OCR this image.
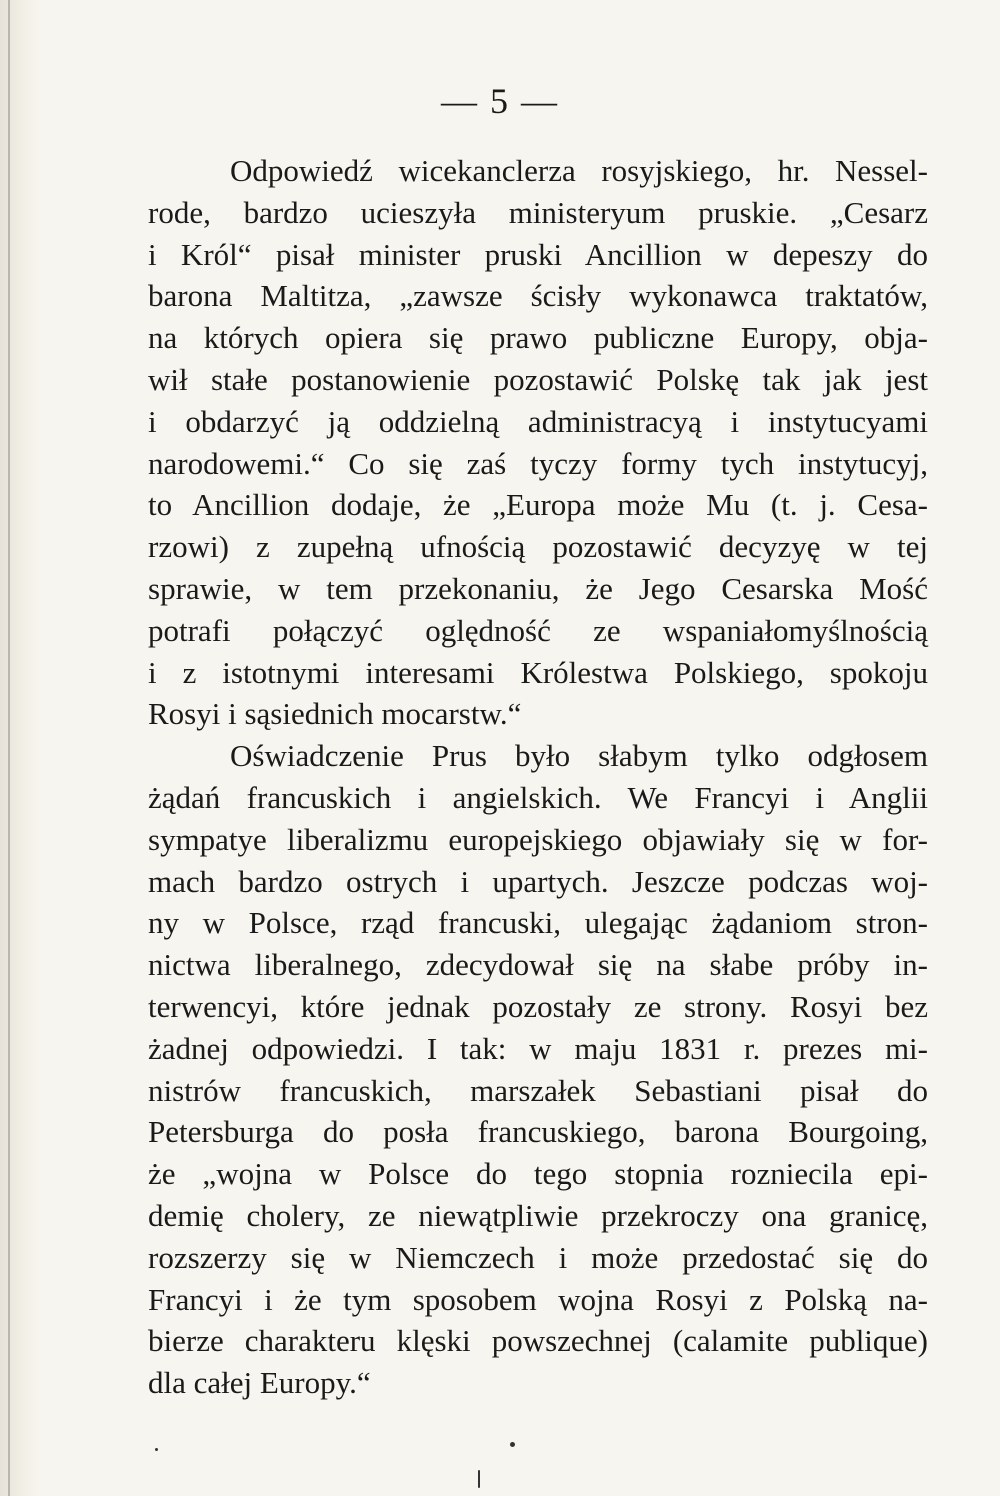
— 5 —
Odpowiedź wicekanclerza rosyjskiego, hr. Nessel-
rode, bardzo ucieszyła ministeryum pruskie. „Cesarz
i Król“ pisał minister pruski Ancillion w depeszy do
barona Maltitza, „zawsze ścisły wykonawca traktatów,
na których opiera się prawo publiczne Europy, obja-
wił stałe postanowienie pozostawić Polskę tak jak jest
i obdarzyć ją oddzielną administracyą i instytucyami
narodowemi.“ Co się zaś tyczy formy tych instytucyj,
to Ancillion dodaje, że „Europa może Mu (t. j. Cesa-
rzowi) z zupełną ufnością pozostawić decyzyę w tej
sprawie, w tem przekonaniu, że Jego Cesarska Mość
potrafi połączyć oględność ze wspaniałomyślnością
i z istotnymi interesami Królestwa Polskiego, spokoju
Rosyi i sąsiednich mocarstw.“
Oświadczenie Prus było słabym tylko odgłosem
żądań francuskich i angielskich. We Francyi i Anglii
sympatye liberalizmu europejskiego objawiały się w for-
mach bardzo ostrych i upartych. Jeszcze podczas woj-
ny w Polsce, rząd francuski, ulegając żądaniom stron-
nictwa liberalnego, zdecydował się na słabe próby in-
terwencyi, które jednak pozostały ze strony. Rosyi bez
żadnej odpowiedzi. I tak: w maju 1831 r. prezes mi-
nistrów francuskich, marszałek Sebastiani pisał do
Petersburga do posła francuskiego, barona Bourgoing,
że „wojna w Polsce do tego stopnia rozniecila epi-
demię cholery, ze niewątpliwie przekroczy ona granicę,
rozszerzy się w Niemczech i może przedostać się do
Francyi i że tym sposobem wojna Rosyi z Polską na-
bierze charakteru klęski powszechnej (calamite publique)
dla całej Europy.“
